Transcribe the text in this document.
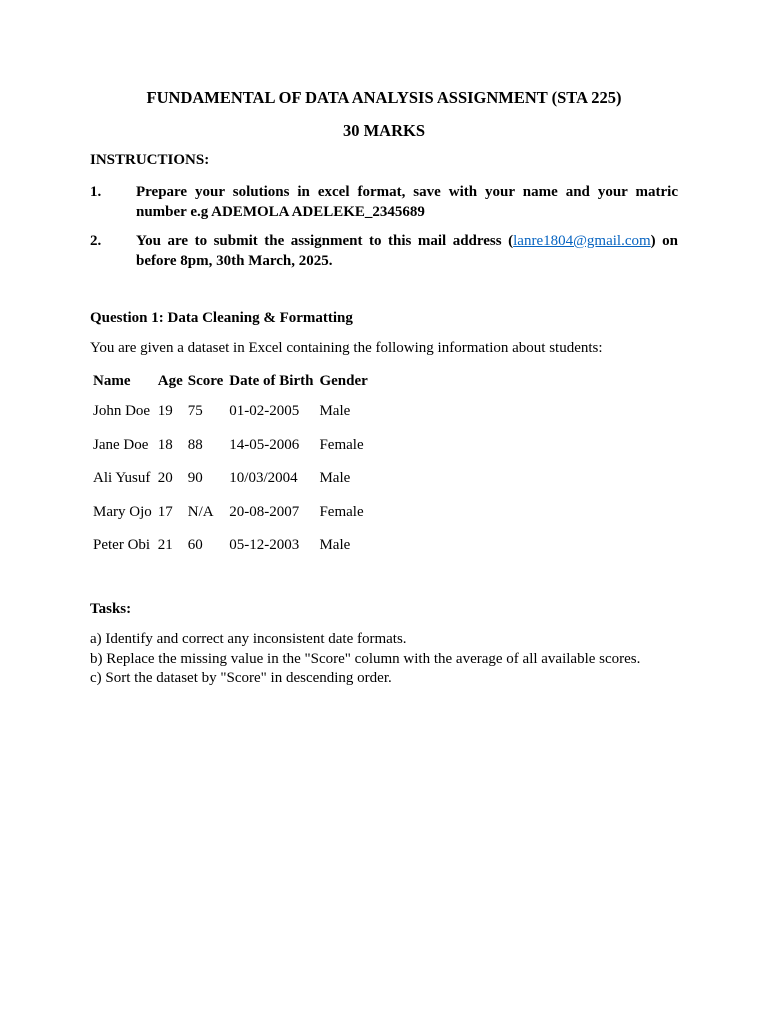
FUNDAMENTAL OF DATA ANALYSIS ASSIGNMENT (STA 225)
30 MARKS

INSTRUCTIONS:

1. Prepare your solutions in excel format, save with your name and your matric number e.g ADEMOLA ADELEKE_2345689
2. You are to submit the assignment to this mail address (lanre1804@gmail.com) on before 8pm, 30th March, 2025.

Question 1: Data Cleaning & Formatting

You are given a dataset in Excel containing the following information about students:

Name	Age	Score	Date of Birth	Gender
John Doe	19	75	01-02-2005	Male
Jane Doe	18	88	14-05-2006	Female
Ali Yusuf	20	90	10/03/2004	Male
Mary Ojo	17	N/A	20-08-2007	Female
Peter Obi	21	60	05-12-2003	Male

Tasks:

a) Identify and correct any inconsistent date formats.
b) Replace the missing value in the "Score" column with the average of all available scores.
c) Sort the dataset by "Score" in descending order.
